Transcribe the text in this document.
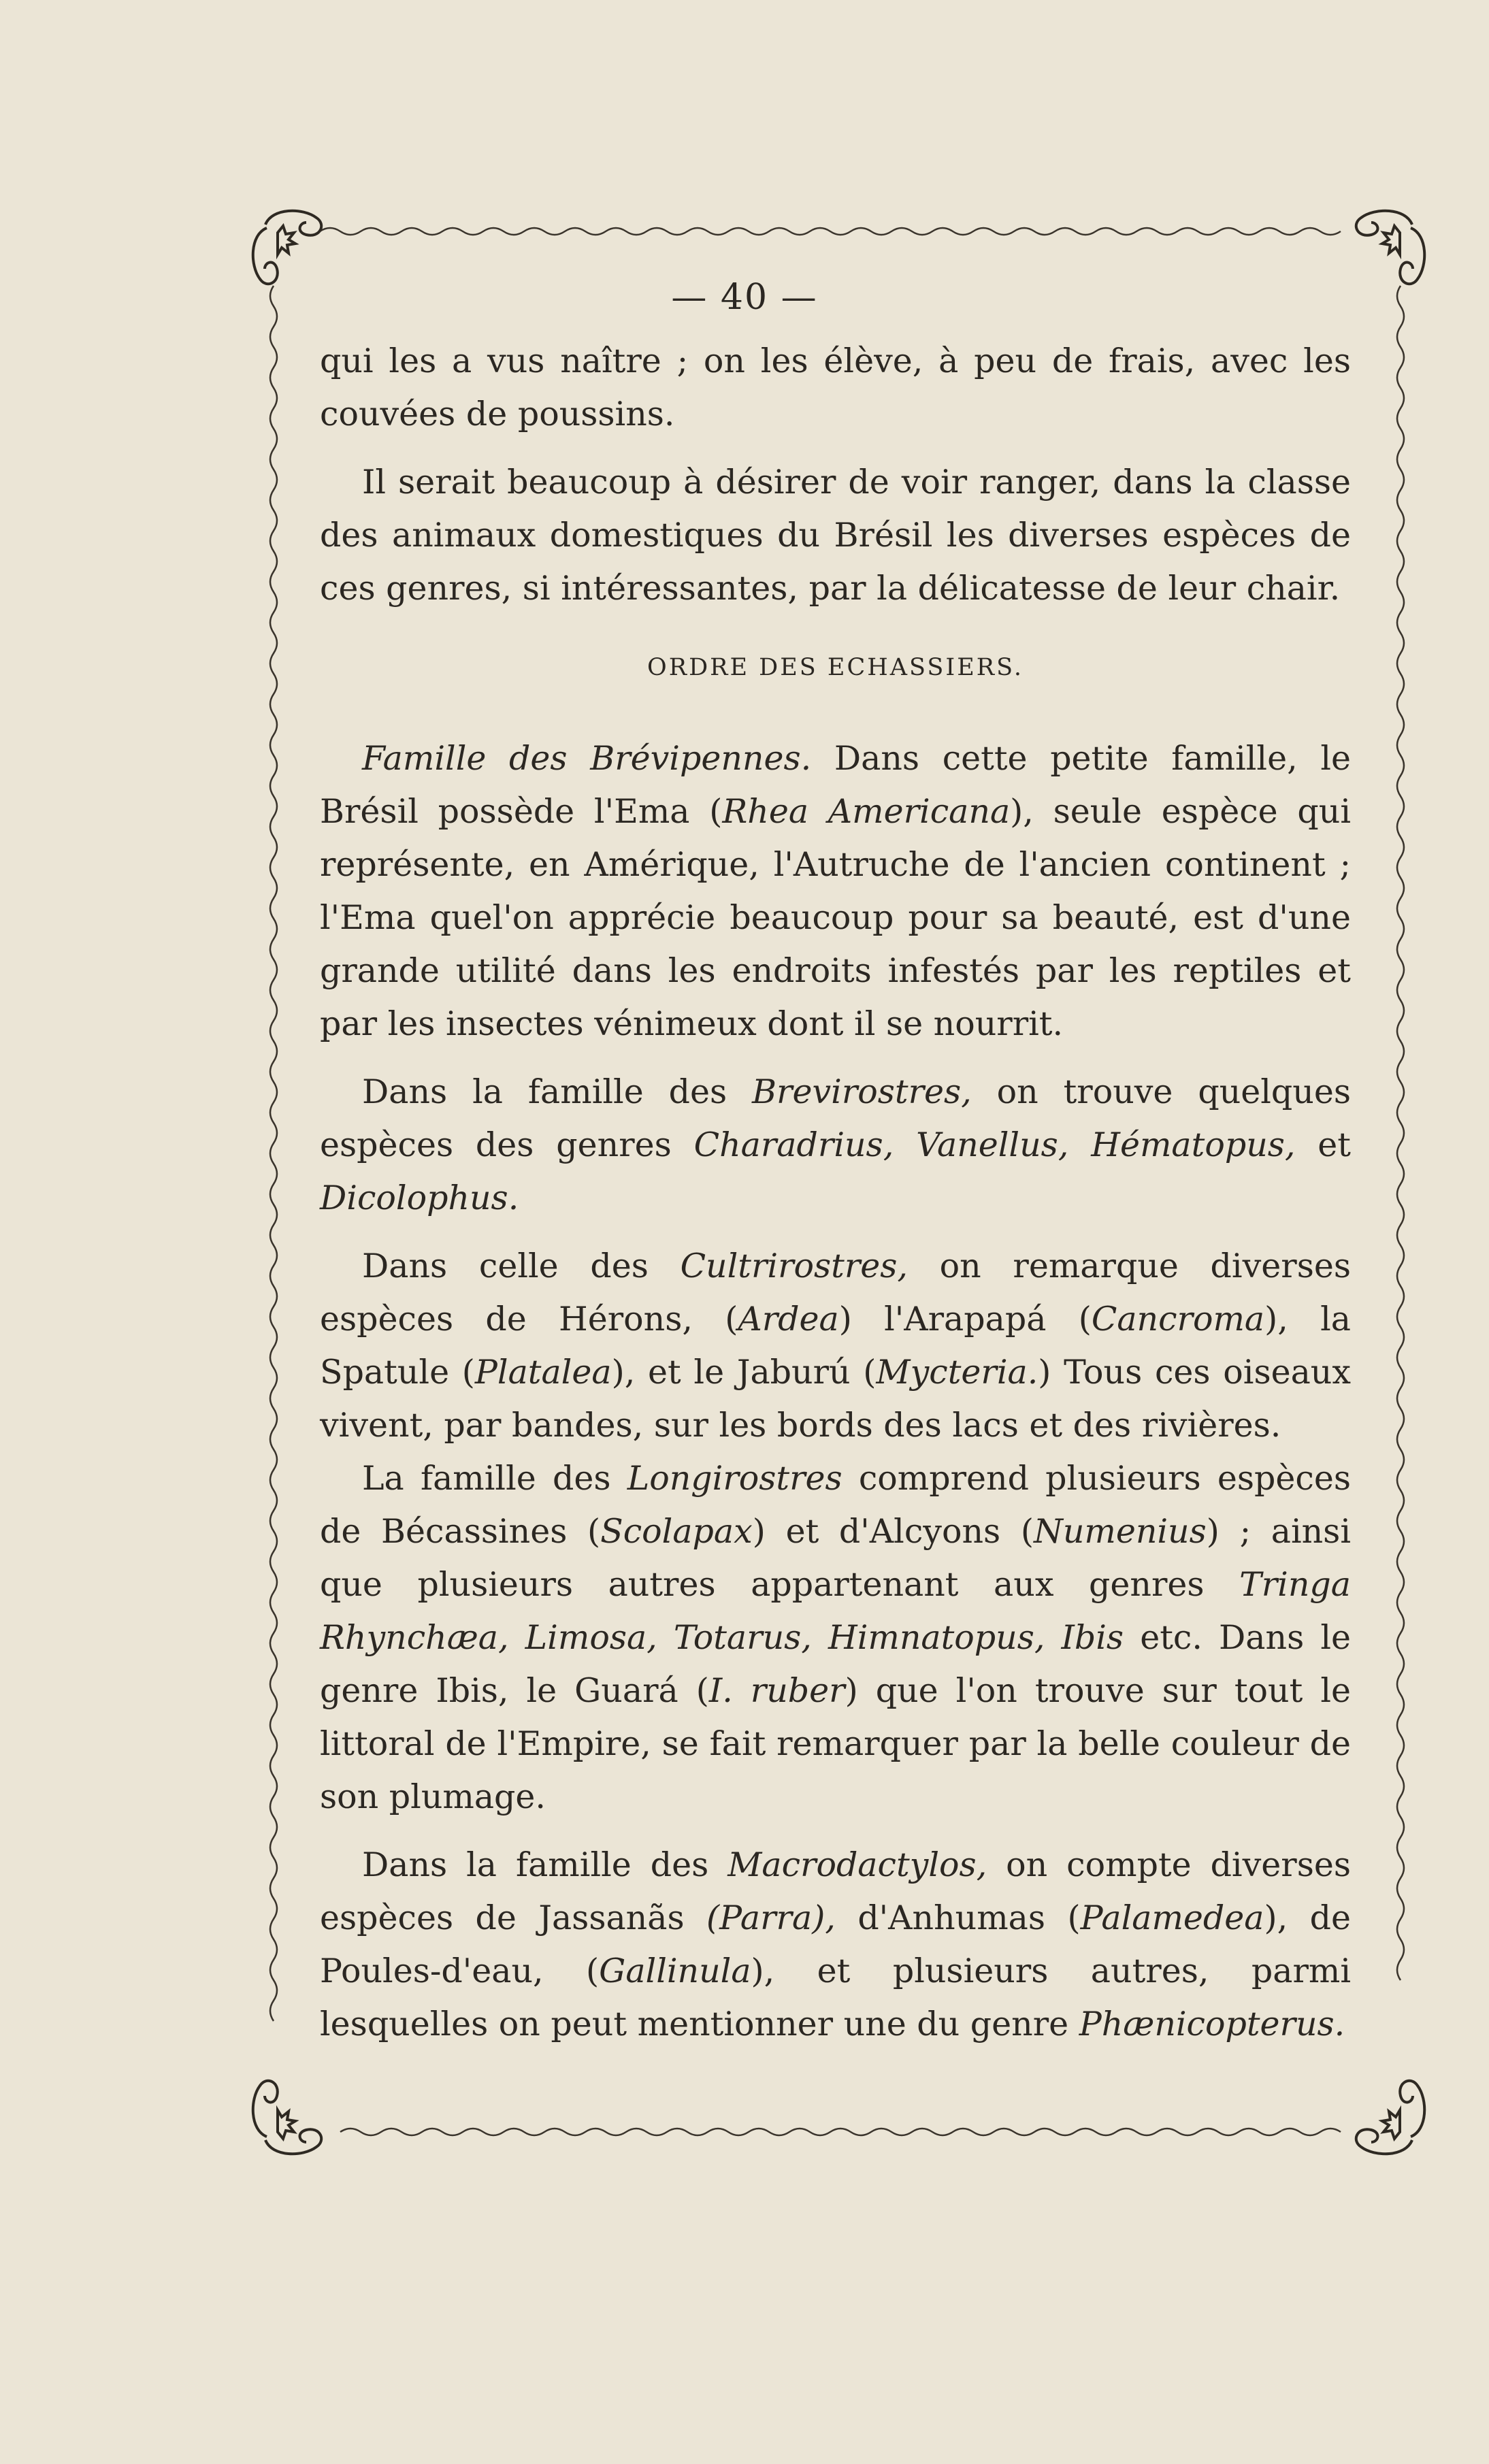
— 40 —

qui les a vus naître ; on les élève, à peu de frais, avec les couvées de poussins.

Il serait beaucoup à désirer de voir ranger, dans la classe des animaux domestiques du Brésil les diverses espèces de ces genres, si intéressantes, par la délicatesse de leur chair.

ORDRE DES ECHASSIERS.

Famille des Brévipennes. Dans cette petite famille, le Brésil possède l'Ema (Rhea Americana), seule espèce qui représente, en Amérique, l'Autruche de l'ancien continent ; l'Ema quel'on apprécie beaucoup pour sa beauté, est d'une grande utilité dans les endroits infestés par les reptiles et par les insectes vénimeux dont il se nourrit.

Dans la famille des Brevirostres, on trouve quelques espèces des genres Charadrius, Vanellus, Hématopus, et Dicolophus.

Dans celle des Cultrirostres, on remarque diverses espèces de Hérons, (Ardea) l'Arapapá (Cancroma), la Spatule (Platalea), et le Jaburú (Mycteria.) Tous ces oiseaux vivent, par bandes, sur les bords des lacs et des rivières.

La famille des Longirostres comprend plusieurs espèces de Bécassines (Scolapax) et d'Alcyons (Numenius) ; ainsi que plusieurs autres appartenant aux genres Tringa Rhynchæa, Limosa, Totarus, Himnatopus, Ibis etc. Dans le genre Ibis, le Guará (I. ruber) que l'on trouve sur tout le littoral de l'Empire, se fait remarquer par la belle couleur de son plumage.

Dans la famille des Macrodactylos, on compte diverses espèces de Jassanãs (Parra), d'Anhumas (Palamedea), de Poules-d'eau, (Gallinula), et plusieurs autres, parmi lesquelles on peut mentionner une du genre Phænicopterus.
